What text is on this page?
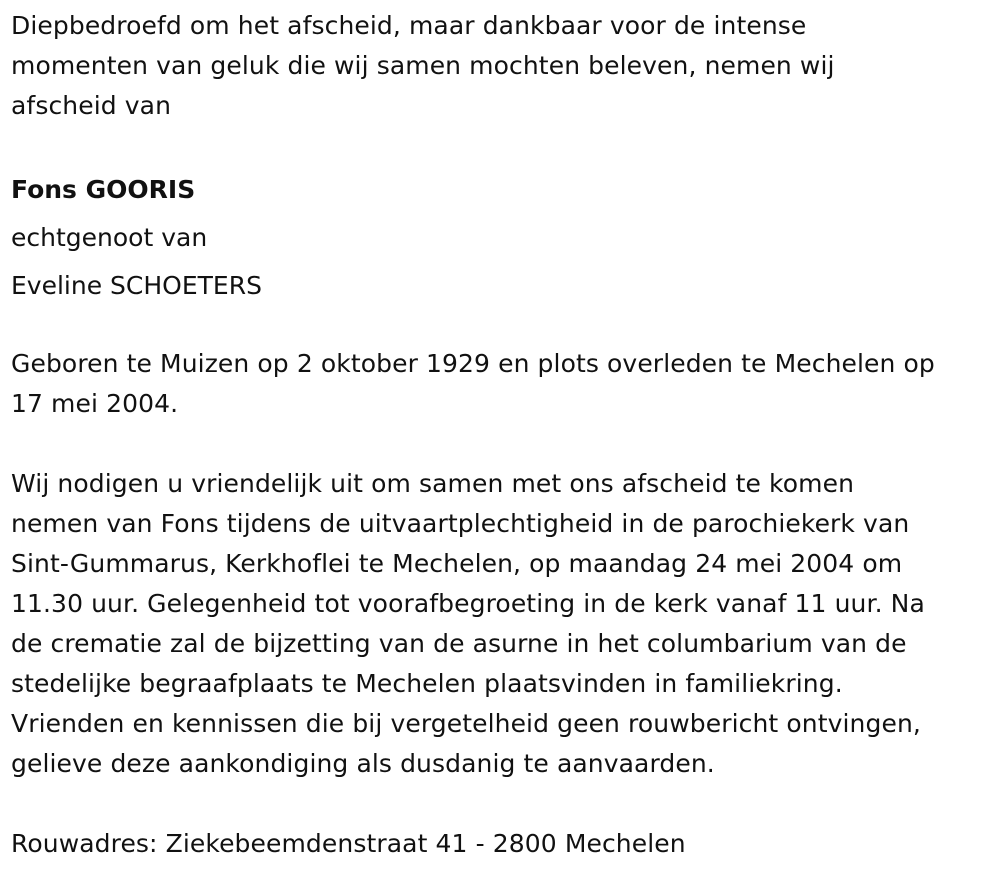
Diepbedroefd om het afscheid, maar dankbaar voor de intense
momenten van geluk die wij samen mochten beleven, nemen wij
afscheid van

Fons GOORIS
echtgenoot van
Eveline SCHOETERS

Geboren te Muizen op 2 oktober 1929 en plots overleden te Mechelen op
17 mei 2004.

Wij nodigen u vriendelijk uit om samen met ons afscheid te komen
nemen van Fons tijdens de uitvaartplechtigheid in de parochiekerk van
Sint-Gummarus, Kerkhoflei te Mechelen, op maandag 24 mei 2004 om
11.30 uur. Gelegenheid tot voorafbegroeting in de kerk vanaf 11 uur. Na
de crematie zal de bijzetting van de asurne in het columbarium van de
stedelijke begraafplaats te Mechelen plaatsvinden in familiekring.
Vrienden en kennissen die bij vergetelheid geen rouwbericht ontvingen,
gelieve deze aankondiging als dusdanig te aanvaarden.

Rouwadres: Ziekebeemdenstraat 41 - 2800 Mechelen
